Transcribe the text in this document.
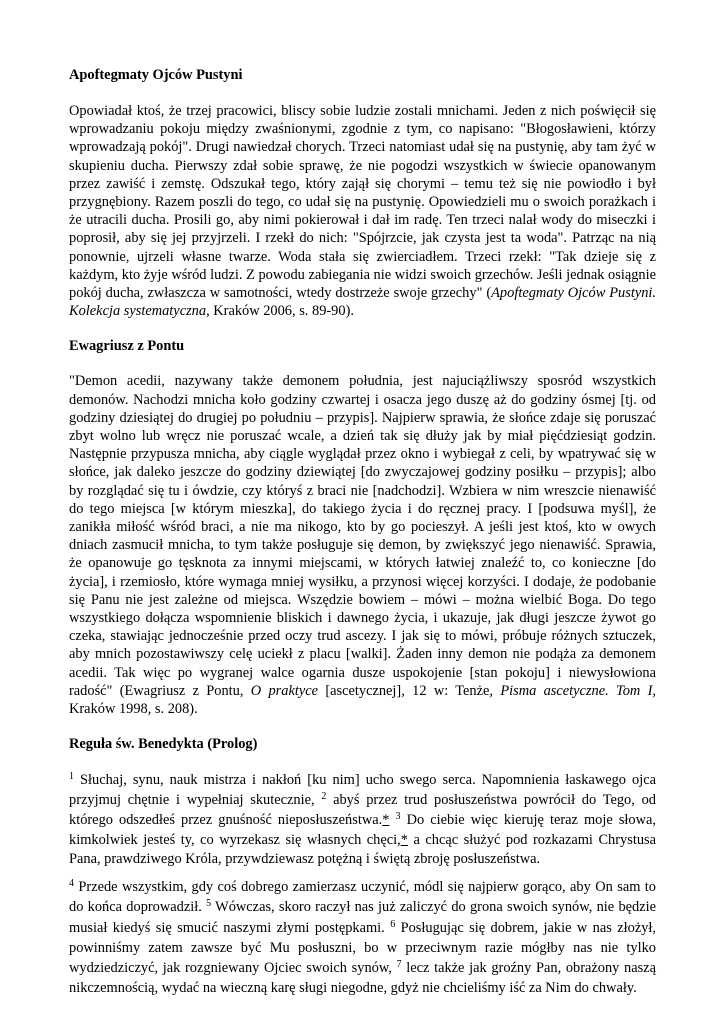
Apoftegmaty Ojców Pustyni

Opowiadał ktoś, że trzej pracowici, bliscy sobie ludzie zostali mnichami. Jeden z nich poświęcił się wprowadzaniu pokoju między zwaśnionymi, zgodnie z tym, co napisano: "Błogosławieni, którzy wprowadzają pokój". Drugi nawiedzał chorych. Trzeci natomiast udał się na pustynię, aby tam żyć w skupieniu ducha. Pierwszy zdał sobie sprawę, że nie pogodzi wszystkich w świecie opanowanym przez zawiść i zemstę. Odszukał tego, który zajął się chorymi – temu też się nie powiodło i był przygnębiony. Razem poszli do tego, co udał się na pustynię. Opowiedzieli mu o swoich porażkach i że utracili ducha. Prosili go, aby nimi pokierował i dał im radę. Ten trzeci nalał wody do miseczki i poprosił, aby się jej przyjrzeli. I rzekł do nich: "Spójrzcie, jak czysta jest ta woda". Patrząc na nią ponownie, ujrzeli własne twarze. Woda stała się zwierciadłem. Trzeci rzekł: "Tak dzieje się z każdym, kto żyje wśród ludzi. Z powodu zabiegania nie widzi swoich grzechów. Jeśli jednak osiągnie pokój ducha, zwłaszcza w samotności, wtedy dostrzeże swoje grzechy" (Apoftegmaty Ojców Pustyni. Kolekcja systematyczna, Kraków 2006, s. 89-90).

Ewagriusz z Pontu

"Demon acedii, nazywany także demonem południa, jest najuciążliwszy sposród wszystkich demonów. Nachodzi mnicha koło godziny czwartej i osacza jego duszę aż do godziny ósmej [tj. od godziny dziesiątej do drugiej po południu – przypis]. Najpierw sprawia, że słońce zdaje się poruszać zbyt wolno lub wręcz nie poruszać wcale, a dzień tak się dłuży jak by miał pięćdziesiąt godzin. Następnie przypusza mnicha, aby ciągle wyglądał przez okno i wybiegał z celi, by wpatrywać się w słońce, jak daleko jeszcze do godziny dziewiątej [do zwyczajowej godziny posiłku – przypis]; albo by rozglądać się tu i ówdzie, czy któryś z braci nie [nadchodzi]. Wzbiera w nim wreszcie nienawiść do tego miejsca [w którym mieszka], do takiego życia i do ręcznej pracy. I [podsuwa myśl], że zanikła miłość wśród braci, a nie ma nikogo, kto by go pocieszył. A jeśli jest ktoś, kto w owych dniach zasmucił mnicha, to tym także posługuje się demon, by zwiększyć jego nienawiść. Sprawia, że opanowuje go tęsknota za innymi miejscami, w których łatwiej znaleźć to, co konieczne [do życia], i rzemiosło, które wymaga mniej wysiłku, a przynosi więcej korzyści. I dodaje, że podobanie się Panu nie jest zależne od miejsca. Wszędzie bowiem – mówi – można wielbić Boga. Do tego wszystkiego dołącza wspomnienie bliskich i dawnego życia, i ukazuje, jak długi jeszcze żywot go czeka, stawiając jednocześnie przed oczy trud ascezy. I jak się to mówi, próbuje różnych sztuczek, aby mnich pozostawiwszy celę uciekł z placu [walki]. Żaden inny demon nie podąża za demonem acedii. Tak więc po wygranej walce ogarnia dusze uspokojenie [stan pokoju] i niewysłowiona radość" (Ewagriusz z Pontu, O praktyce [ascetycznej], 12 w: Tenże, Pisma ascetyczne. Tom I, Kraków 1998, s. 208).

Reguła św. Benedykta (Prolog)

$^1$ Słuchaj, synu, nauk mistrza i nakłoń [ku nim] ucho swego serca. Napomnienia łaskawego ojca przyjmuj chętnie i wypełniaj skutecznie, $^2$ abyś przez trud posłuszeństwa powrócił do Tego, od którego odszedłeś przez gnuśność nieposłuszeństwa.* $^3$ Do ciebie więc kieruję teraz moje słowa, kimkolwiek jesteś ty, co wyrzekasz się własnych chęci,* a chcąc służyć pod rozkazami Chrystusa Pana, prawdziwego Króla, przywdziewasz potężną i świętą zbroję posłuszeństwa.

$^4$ Przede wszystkim, gdy coś dobrego zamierzasz uczynić, módl się najpierw gorąco, aby On sam to do końca doprowadził. $^5$ Wówczas, skoro raczył nas już zaliczyć do grona swoich synów, nie będzie musiał kiedyś się smucić naszymi złymi postępkami. $^6$ Posługując się dobrem, jakie w nas złożył, powinniśmy zatem zawsze być Mu posłuszni, bo w przeciwnym razie mógłby nas nie tylko wydziedziczyć, jak rozgniewany Ojciec swoich synów, $^7$ lecz także jak groźny Pan, obrażony naszą nikczemnością, wydać na wieczną karę sługi niegodne, gdyż nie chcieliśmy iść za Nim do chwały.
